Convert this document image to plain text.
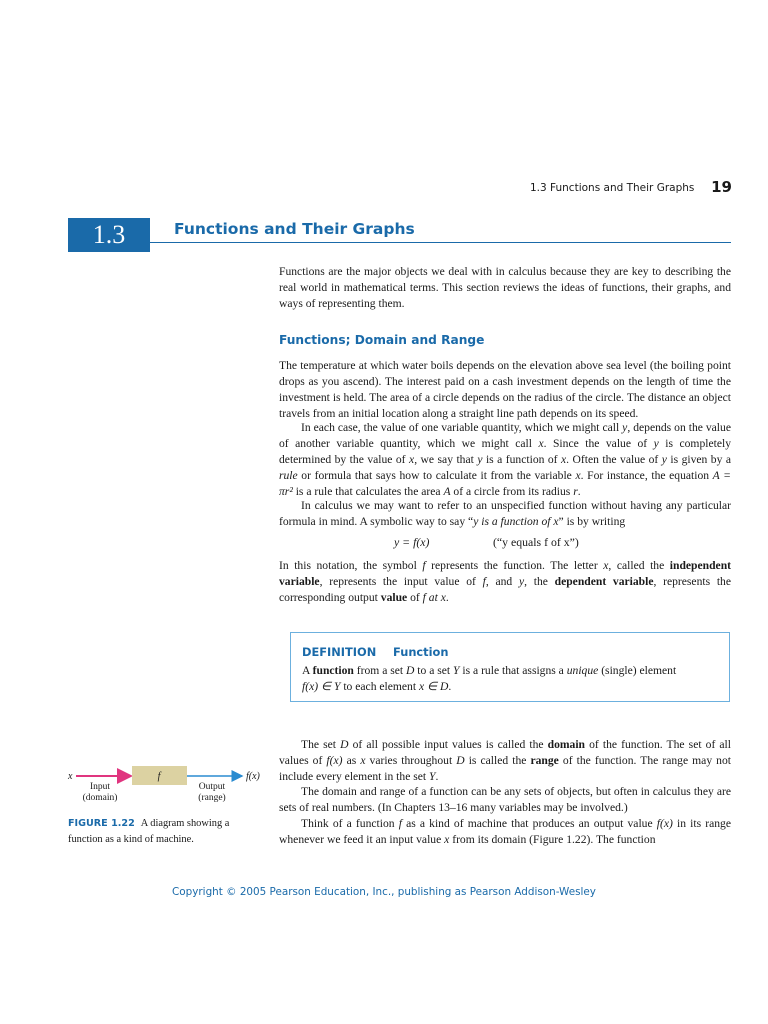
1.3 Functions and Their Graphs 19
1.3	Functions and Their Graphs

Functions are the major objects we deal with in calculus because they are key to describing the real world in mathematical terms. This section reviews the ideas of functions, their graphs, and ways of representing them.

Functions; Domain and Range

The temperature at which water boils depends on the elevation above sea level (the boiling point drops as you ascend). The interest paid on a cash investment depends on the length of time the investment is held. The area of a circle depends on the radius of the circle. The distance an object travels from an initial location along a straight line path depends on its speed.

In each case, the value of one variable quantity, which we might call y, depends on the value of another variable quantity, which we might call x. Since the value of y is completely determined by the value of x, we say that y is a function of x. Often the value of y is given by a rule or formula that says how to calculate it from the variable x. For instance, the equation A = πr² is a rule that calculates the area A of a circle from its radius r.

In calculus we may want to refer to an unspecified function without having any particular formula in mind. A symbolic way to say “y is a function of x” is by writing

y = f(x)	(“y equals f of x”)

In this notation, the symbol f represents the function. The letter x, called the independent variable, represents the input value of f, and y, the dependent variable, represents the corresponding output value of f at x.

DEFINITION Function

A function from a set D to a set Y is a rule that assigns a unique (single) element
f(x) ∈ Y to each element x ∈ D.

The set D of all possible input values is called the domain of the function. The set of all values of f(x) as x varies throughout D is called the range of the function. The range may not include every element in the set Y.

The domain and range of a function can be any sets of objects, but often in calculus they are sets of real numbers. (In Chapters 13–16 many variables may be involved.)

Think of a function f as a kind of machine that produces an output value f(x) in its range whenever we feed it an input value x from its domain (Figure 1.22). The function

x	f	f(x)
Input
(domain)
Output
(range)

FIGURE 1.22 A diagram showing a function as a kind of machine.

Copyright © 2005 Pearson Education, Inc., publishing as Pearson Addison-Wesley
